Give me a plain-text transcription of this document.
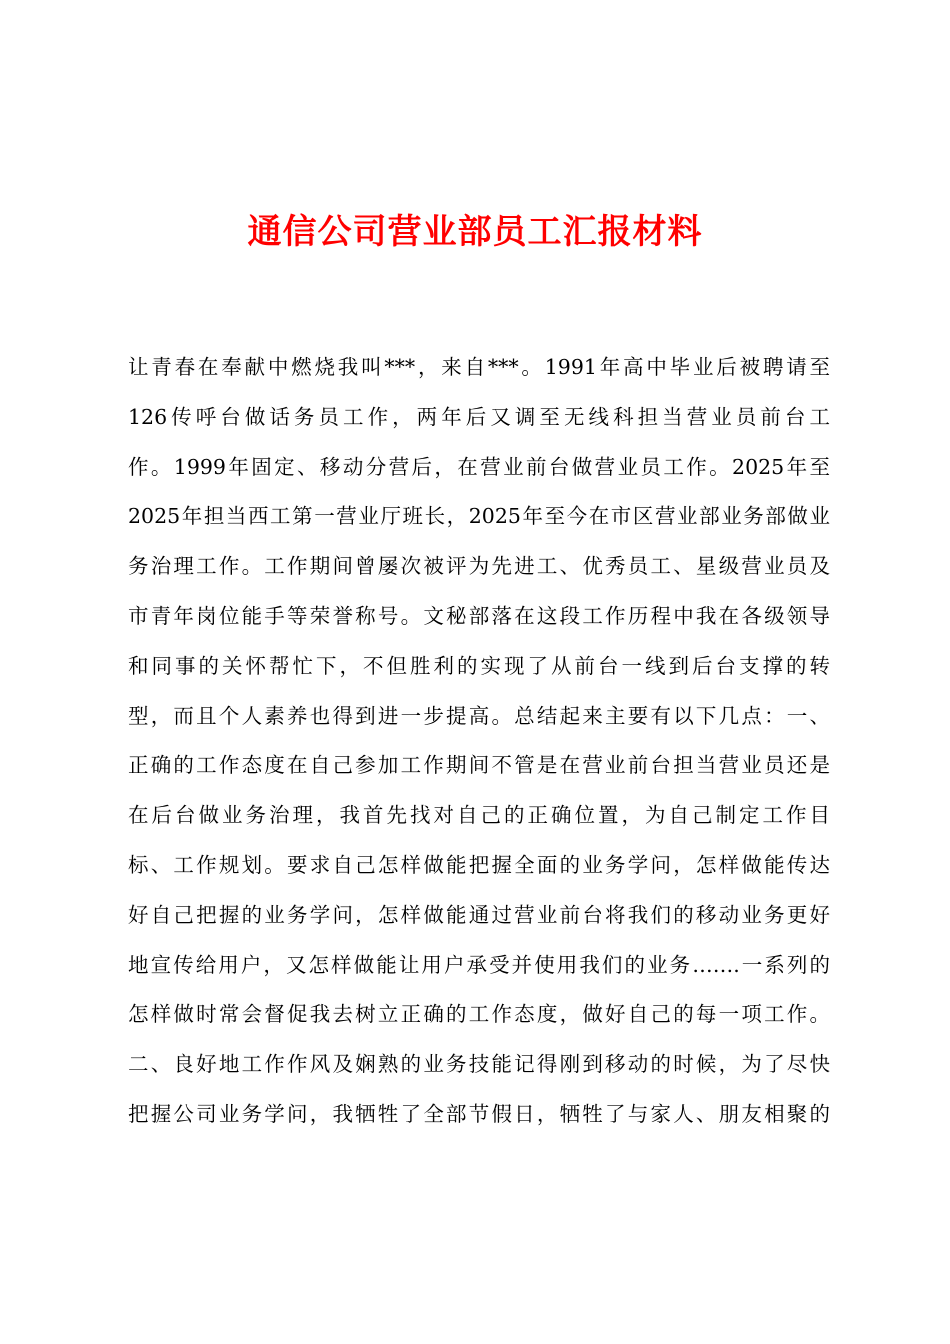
通信公司营业部员工汇报材料
让青春在奉献中燃烧我叫***，来自***。1991年高中毕业后被聘请至
126传呼台做话务员工作，两年后又调至无线科担当营业员前台工
作。1999年固定、移动分营后，在营业前台做营业员工作。2025年至
2025年担当西工第一营业厅班长，2025年至今在市区营业部业务部做业
务治理工作。工作期间曾屡次被评为先进工、优秀员工、星级营业员及
市青年岗位能手等荣誉称号。文秘部落在这段工作历程中我在各级领导
和同事的关怀帮忙下，不但胜利的实现了从前台一线到后台支撑的转
型，而且个人素养也得到进一步提高。总结起来主要有以下几点：一、
正确的工作态度在自己参加工作期间不管是在营业前台担当营业员还是
在后台做业务治理，我首先找对自己的正确位置，为自己制定工作目
标、工作规划。要求自己怎样做能把握全面的业务学问，怎样做能传达
好自己把握的业务学问，怎样做能通过营业前台将我们的移动业务更好
地宣传给用户，又怎样做能让用户承受并使用我们的业务…….一系列的
怎样做时常会督促我去树立正确的工作态度，做好自己的每一项工作。
二、良好地工作作风及娴熟的业务技能记得刚到移动的时候，为了尽快
把握公司业务学问，我牺牲了全部节假日，牺牲了与家人、朋友相聚的
